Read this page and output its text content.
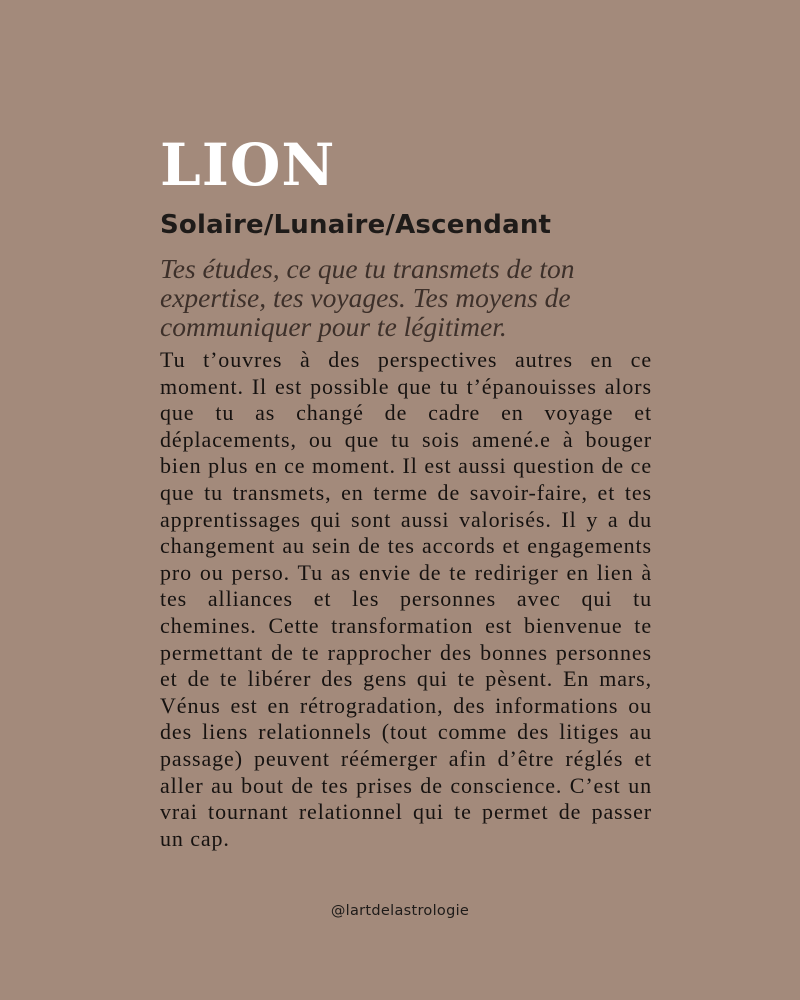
LION
Solaire/Lunaire/Ascendant

Tes études, ce que tu transmets de ton expertise, tes voyages. Tes moyens de communiquer pour te légitimer.

Tu t’ouvres à des perspectives autres en ce moment. Il est possible que tu t’épanouisses alors que tu as changé de cadre en voyage et déplacements, ou que tu sois amené.e à bouger bien plus en ce moment. Il est aussi question de ce que tu transmets, en terme de savoir-faire, et tes apprentissages qui sont aussi valorisés. Il y a du changement au sein de tes accords et engagements pro ou perso. Tu as envie de te rediriger en lien à tes alliances et les personnes avec qui tu chemines. Cette transformation est bienvenue te permettant de te rapprocher des bonnes personnes et de te libérer des gens qui te pèsent. En mars, Vénus est en rétrogradation, des informations ou des liens relationnels (tout comme des litiges au passage) peuvent réémerger afin d’être réglés et aller au bout de tes prises de conscience. C’est un vrai tournant relationnel qui te permet de passer un cap.

@lartdelastrologie
